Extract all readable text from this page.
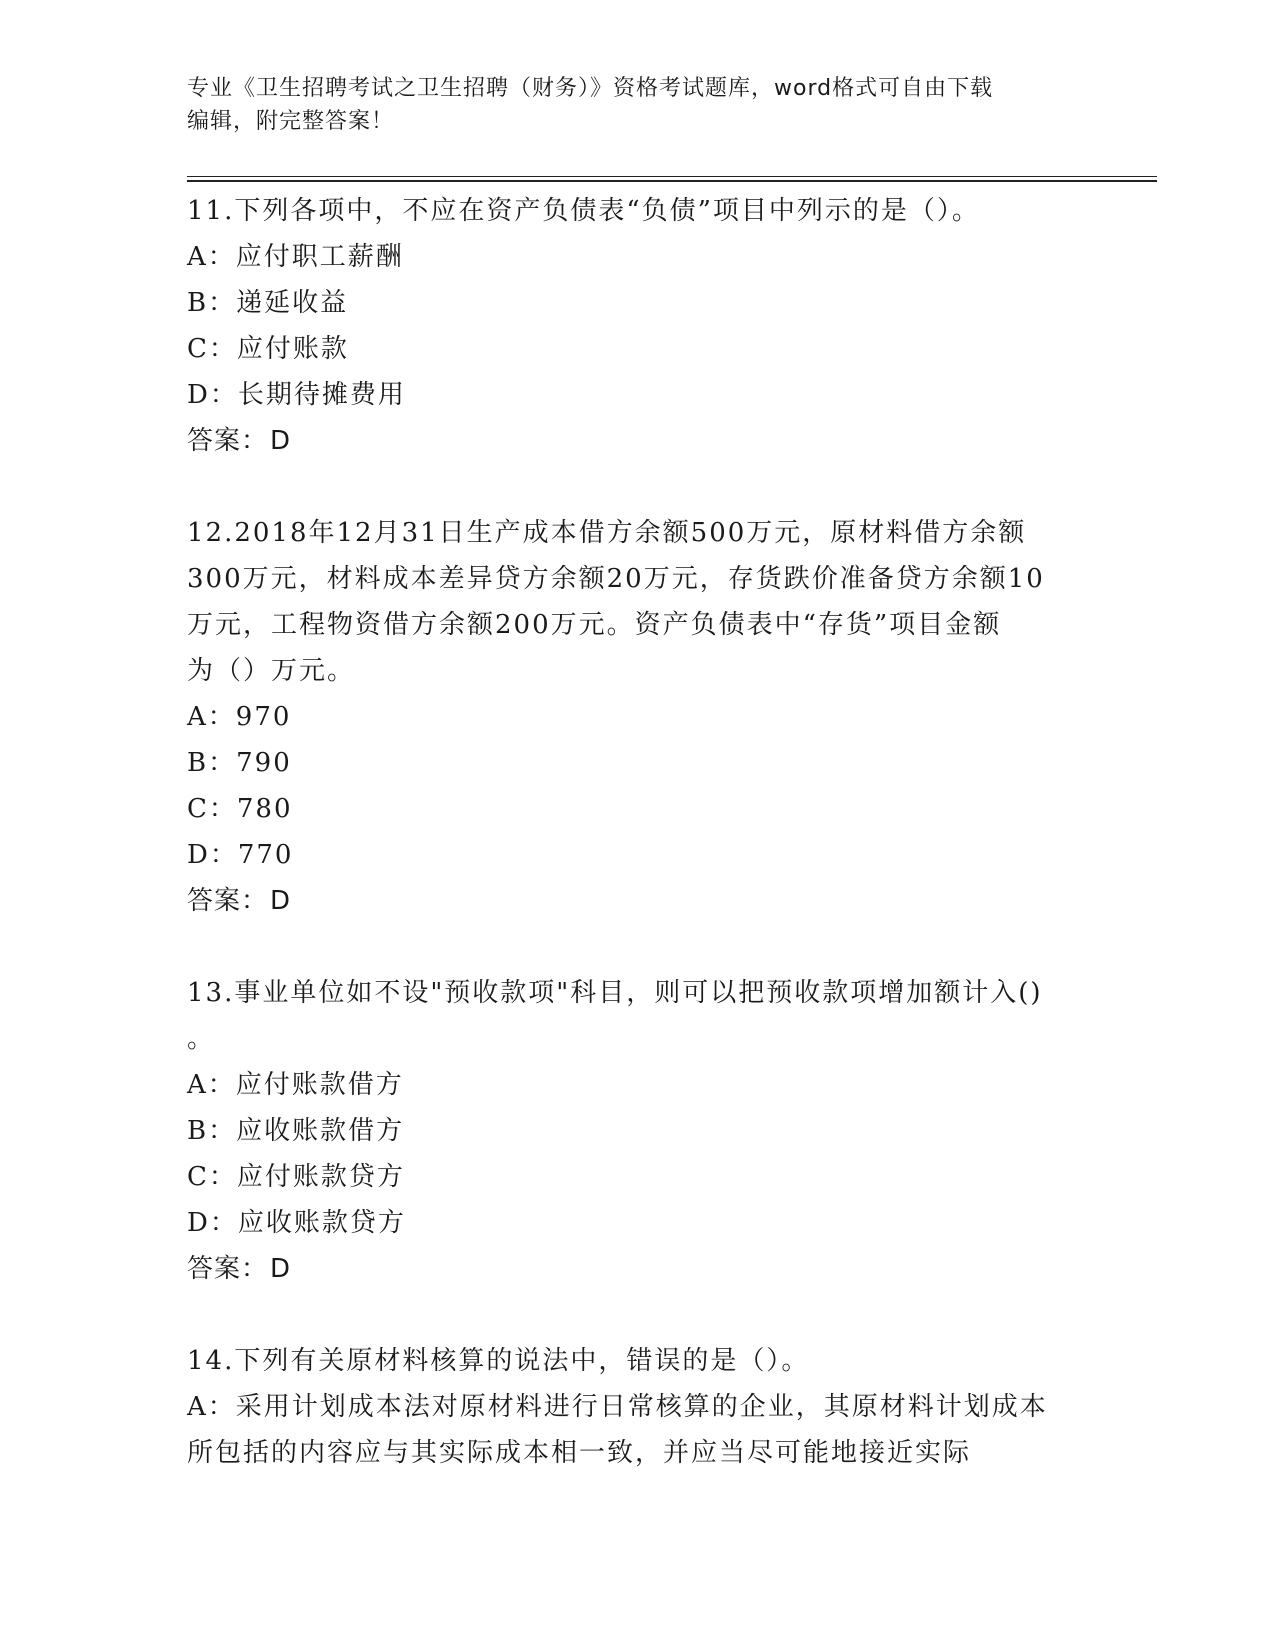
专业《卫生招聘考试之卫生招聘（财务）》资格考试题库，word格式可自由下载
编辑，附完整答案！

11.下列各项中，不应在资产负债表“负债”项目中列示的是（）。

A：应付职工薪酬

B：递延收益

C：应付账款

D：长期待摊费用

答案：D

12.2018年12月31日生产成本借方余额500万元，原材料借方余额

300万元，材料成本差异贷方余额20万元，存货跌价准备贷方余额10

万元，工程物资借方余额200万元。资产负债表中“存货”项目金额

为（）万元。

A：970

B：790

C：780

D：770

答案：D

13.事业单位如不设"预收款项"科目，则可以把预收款项增加额计入()

。

A：应付账款借方

B：应收账款借方

C：应付账款贷方

D：应收账款贷方

答案：D

14.下列有关原材料核算的说法中，错误的是（）。

A：采用计划成本法对原材料进行日常核算的企业，其原材料计划成本

所包括的内容应与其实际成本相一致，并应当尽可能地接近实际
